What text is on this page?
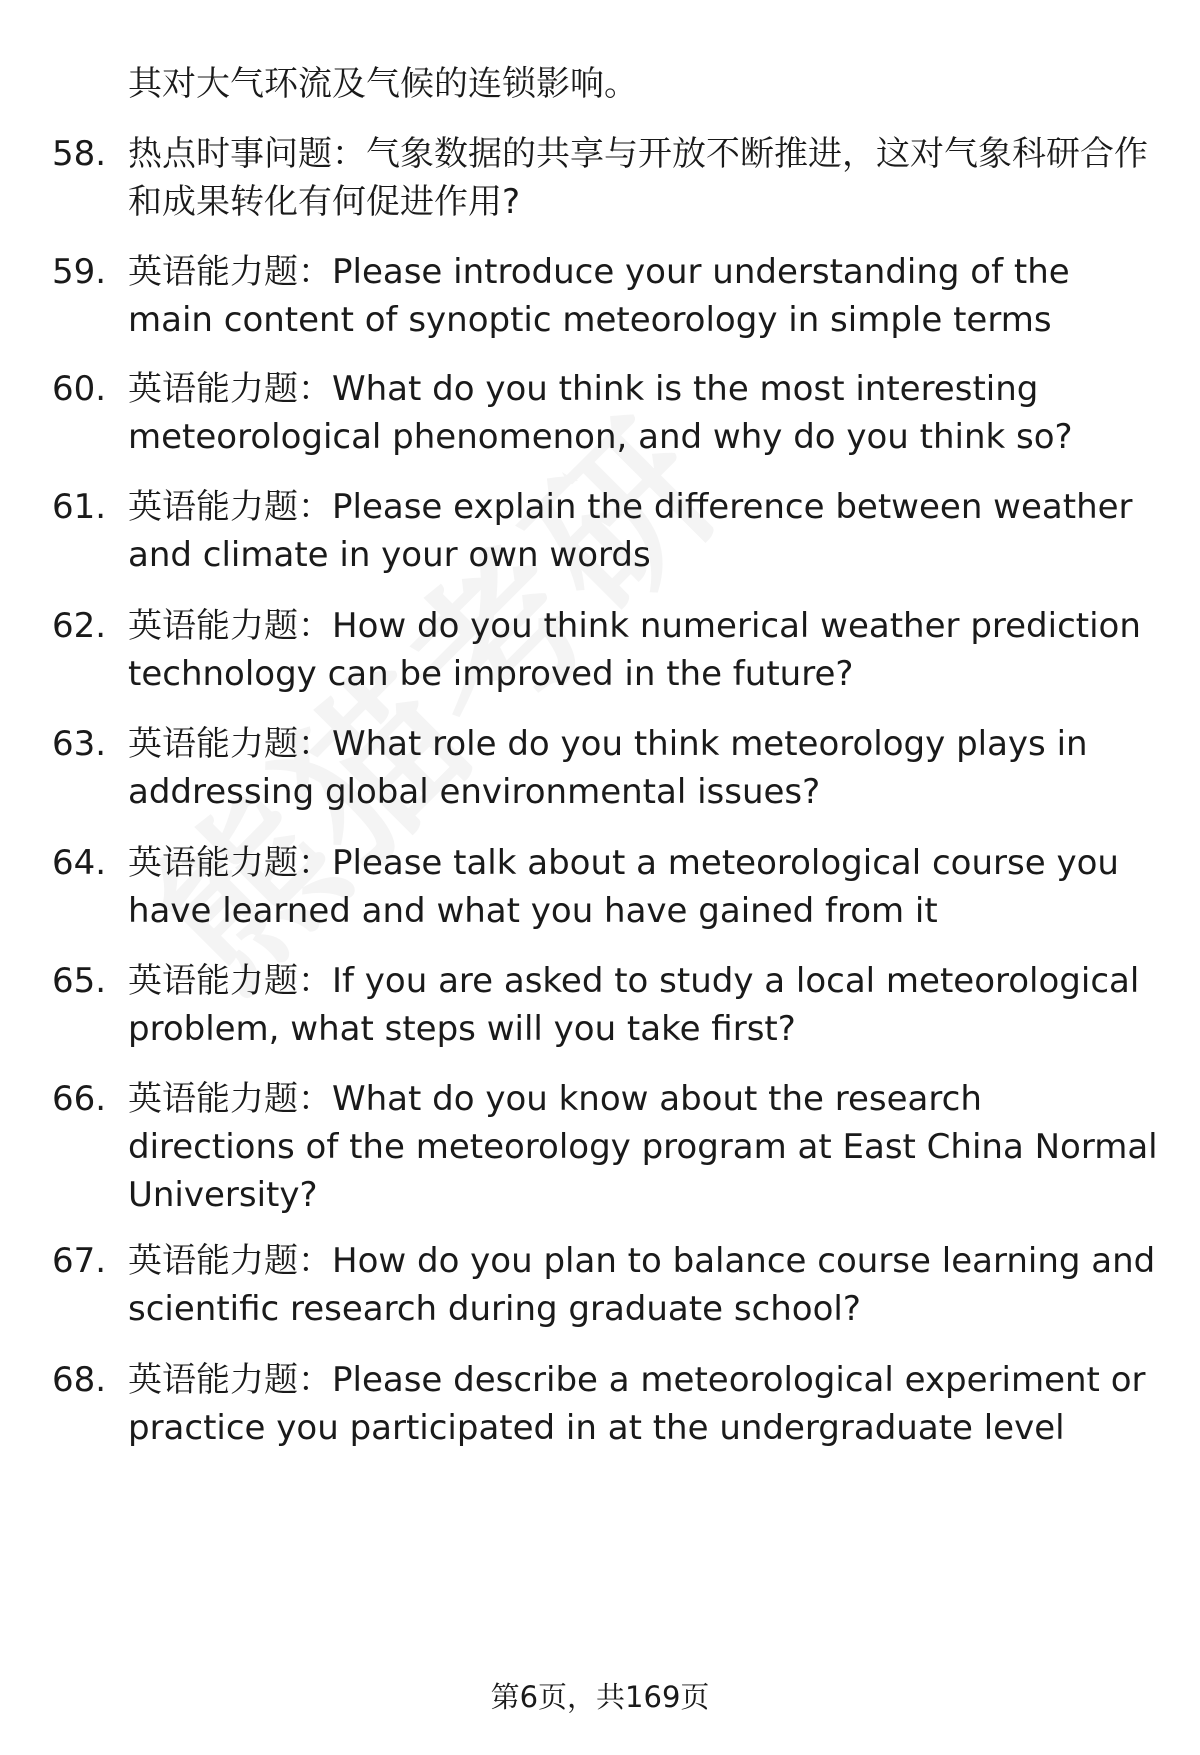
其对大气环流及气候的连锁影响。
58. 热点时事问题：气象数据的共享与开放不断推进，这对气象科研合作和成果转化有何促进作用?
59. 英语能力题：Please introduce your understanding of the main content of synoptic meteorology in simple terms
60. 英语能力题：What do you think is the most interesting meteorological phenomenon, and why do you think so?
61. 英语能力题：Please explain the difference between weather and climate in your own words
62. 英语能力题：How do you think numerical weather prediction technology can be improved in the future?
63. 英语能力题：What role do you think meteorology plays in addressing global environmental issues?
64. 英语能力题：Please talk about a meteorological course you have learned and what you have gained from it
65. 英语能力题：If you are asked to study a local meteorological problem, what steps will you take first?
66. 英语能力题：What do you know about the research directions of the meteorology program at East China Normal University?
67. 英语能力题：How do you plan to balance course learning and scientific research during graduate school?
68. 英语能力题：Please describe a meteorological experiment or practice you participated in at the undergraduate level
第6页，共169页
